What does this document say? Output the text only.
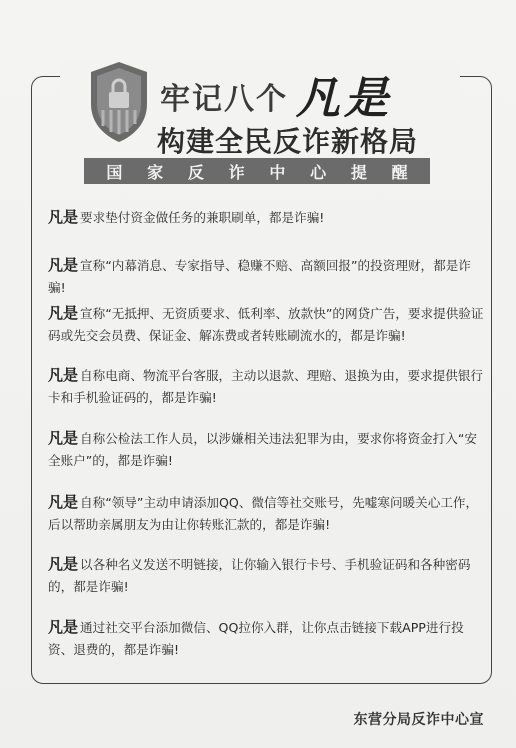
牢记八个 凡是
构建全民反诈新格局
国 家 反 诈 中 心 提 醒
凡是 要求垫付资金做任务的兼职刷单，都是诈骗!
凡是 宣称“内幕消息、专家指导、稳赚不赔、高额回报”的投资理财，都是诈骗!
凡是 宣称“无抵押、无资质要求、低利率、放款快”的网贷广告，要求提供验证码或先交会员费、保证金、解冻费或者转账刷流水的，都是诈骗!
凡是 自称电商、物流平台客服，主动以退款、理赔、退换为由，要求提供银行卡和手机验证码的，都是诈骗!
凡是 自称公检法工作人员，以涉嫌相关违法犯罪为由，要求你将资金打入“安全账户”的，都是诈骗!
凡是 自称“领导”主动申请添加QQ、微信等社交账号，先嘘寒问暖关心工作，后以帮助亲属朋友为由让你转账汇款的，都是诈骗!
凡是 以各种名义发送不明链接，让你输入银行卡号、手机验证码和各种密码的，都是诈骗!
凡是 通过社交平台添加微信、QQ拉你入群，让你点击链接下载APP进行投资、退费的，都是诈骗!
东营分局反诈中心宣
